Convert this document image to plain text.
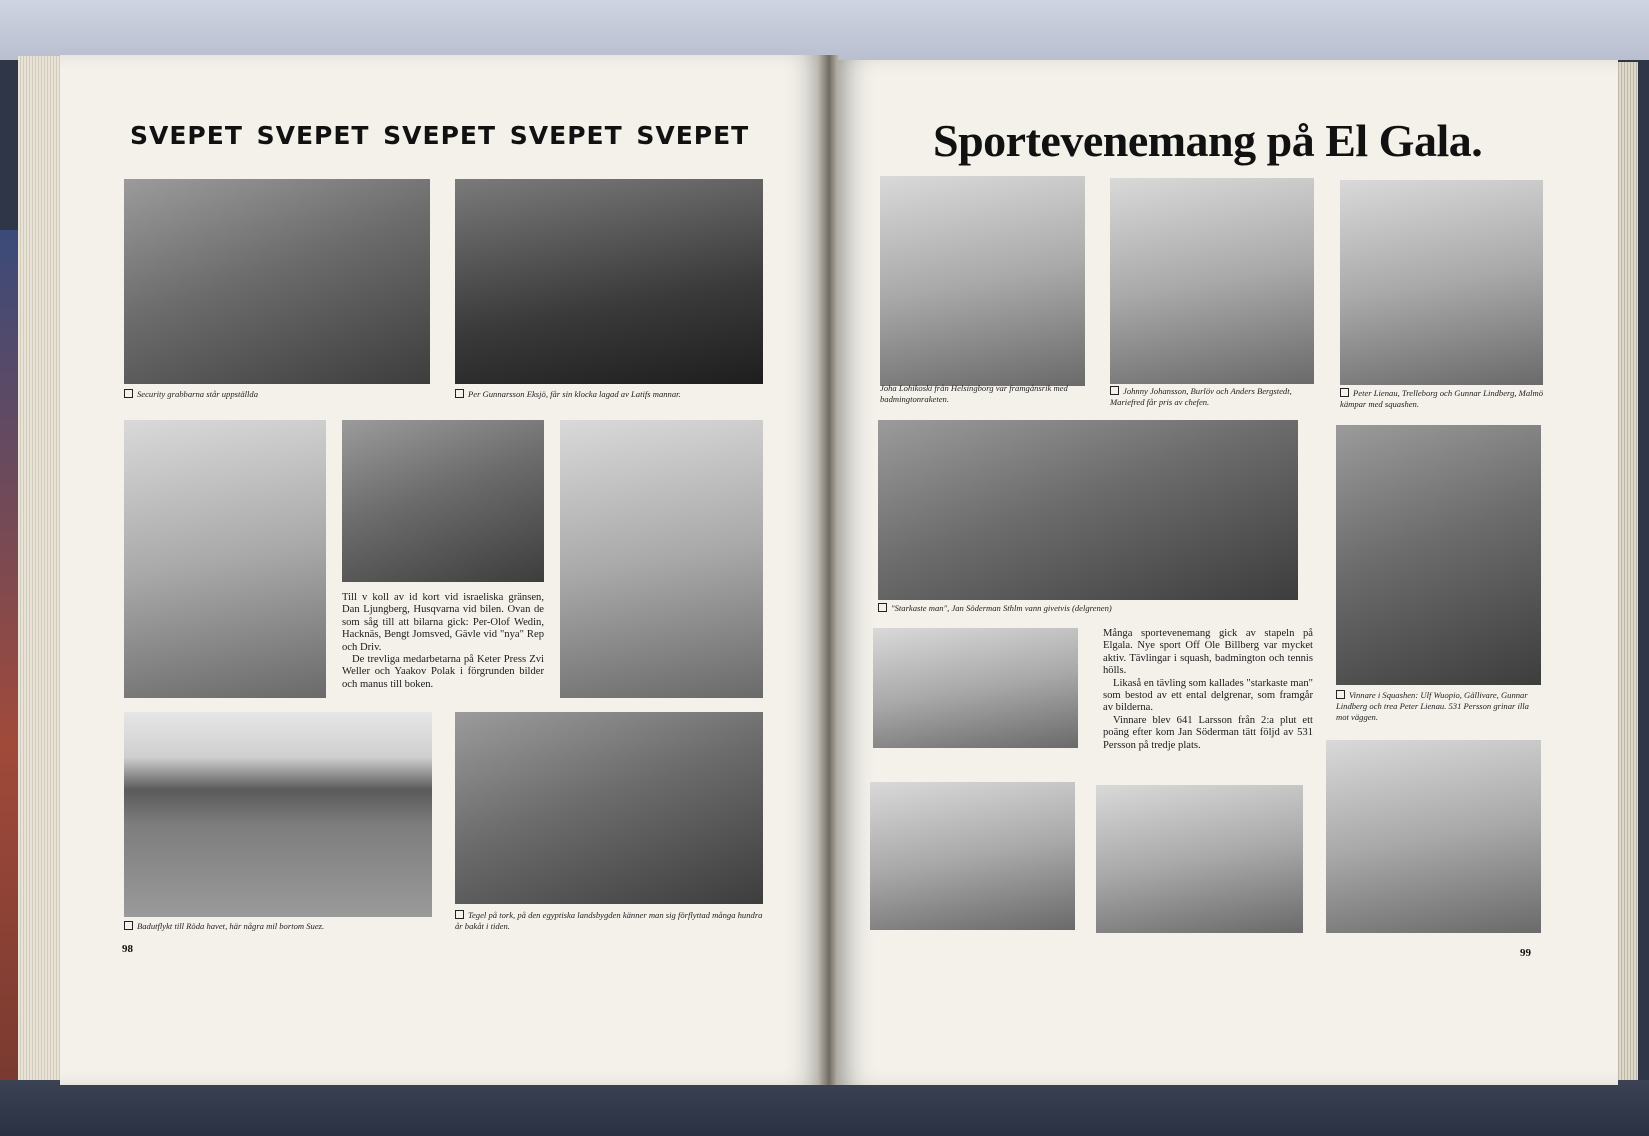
SVEPET SVEPET SVEPET SVEPET SVEPET
Security grabbarna står uppställda	Per Gunnarsson Eksjö, får sin klocka lagad av Latifs mannar.

Till v koll av id kort vid israeliska gränsen, Dan Ljungberg, Husqvarna vid bilen. Ovan de som såg till att bilarna gick: Per-Olof Wedin, Hacknäs, Bengt Jomsved, Gävle vid "nya" Rep och Driv.

De trevliga medarbetarna på Keter Press Zvi Weller och Yaakov Polak i förgrunden bilder och manus till boken.

Badutflykt till Röda havet, här några mil bortom Suez.
Tegel på tork, på den egyptiska landsbygden känner man sig förflyttad många hundra år bakåt i tiden.
98
Sportevenemang på El Gala.
Joha Lohikoski från Helsingborg var framgånsrik med badmingtonraketen.
Johnny Johansson, Burlöv och Anders Bergstedt, Mariefred får pris av chefen.
Peter Lienau, Trelleborg och Gunnar Lindberg, Malmö kämpar med squashen.
"Starkaste man", Jan Söderman Sthlm vann givetvis (delgrenen)
Vinnare i Squashen: Ulf Wuopio, Gällivare, Gunnar Lindberg och trea Peter Lienau. 531 Persson grinar illa mot väggen.

Många sportevenemang gick av stapeln på Elgala. Nye sport Off Ole Billberg var mycket aktiv. Tävlingar i squash, badmington och tennis hölls.

Likaså en tävling som kallades "starkaste man" som bestod av ett ental delgrenar, som framgår av bilderna.

Vinnare blev 641 Larsson från 2:a plut ett poäng efter kom Jan Söderman tätt följd av 531 Persson på tredje plats.

99
